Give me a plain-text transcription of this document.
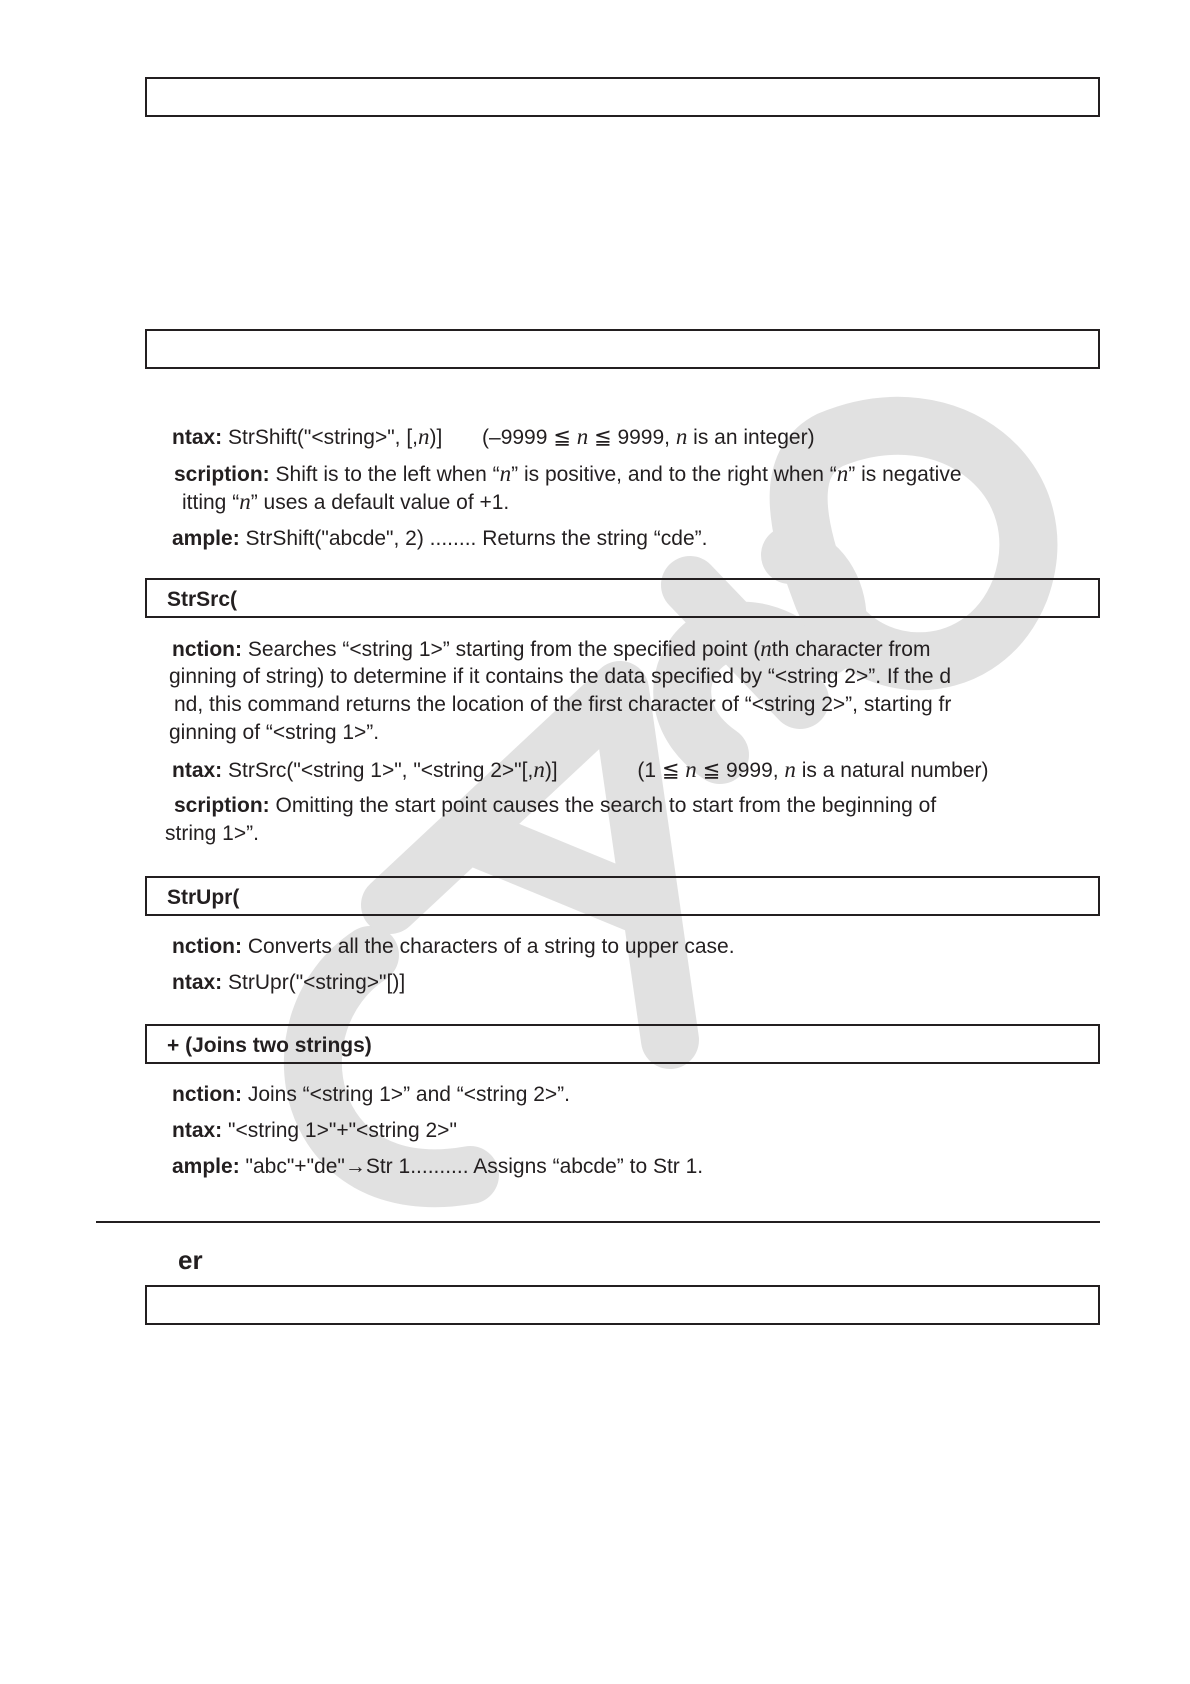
ntax: StrShift("<string>", [,n)] (–9999 ≦ n ≦ 9999, n is an integer)
scription: Shift is to the left when “n” is positive, and to the right when “n” is negative
itting “n” uses a default value of +1.
ample: StrShift("abcde", 2) ........ Returns the string “cde”.
StrSrc(
nction: Searches “<string 1>” starting from the specified point (nth character from
ginning of string) to determine if it contains the data specified by “<string 2>”. If the d
nd, this command returns the location of the first character of “<string 2>”, starting fr
ginning of “<string 1>”.
ntax: StrSrc("<string 1>", "<string 2>"[,n)]	(1 ≦ n ≦ 9999, n is a natural number)
scription: Omitting the start point causes the search to start from the beginning of
string 1>”.
StrUpr(
nction: Converts all the characters of a string to upper case.
ntax: StrUpr("<string>"[)]
+ (Joins two strings)
nction: Joins “<string 1>” and “<string 2>”.
ntax: "<string 1>"+"<string 2>"
ample: "abc"+"de"→Str 1.......... Assigns “abcde” to Str 1.
er
